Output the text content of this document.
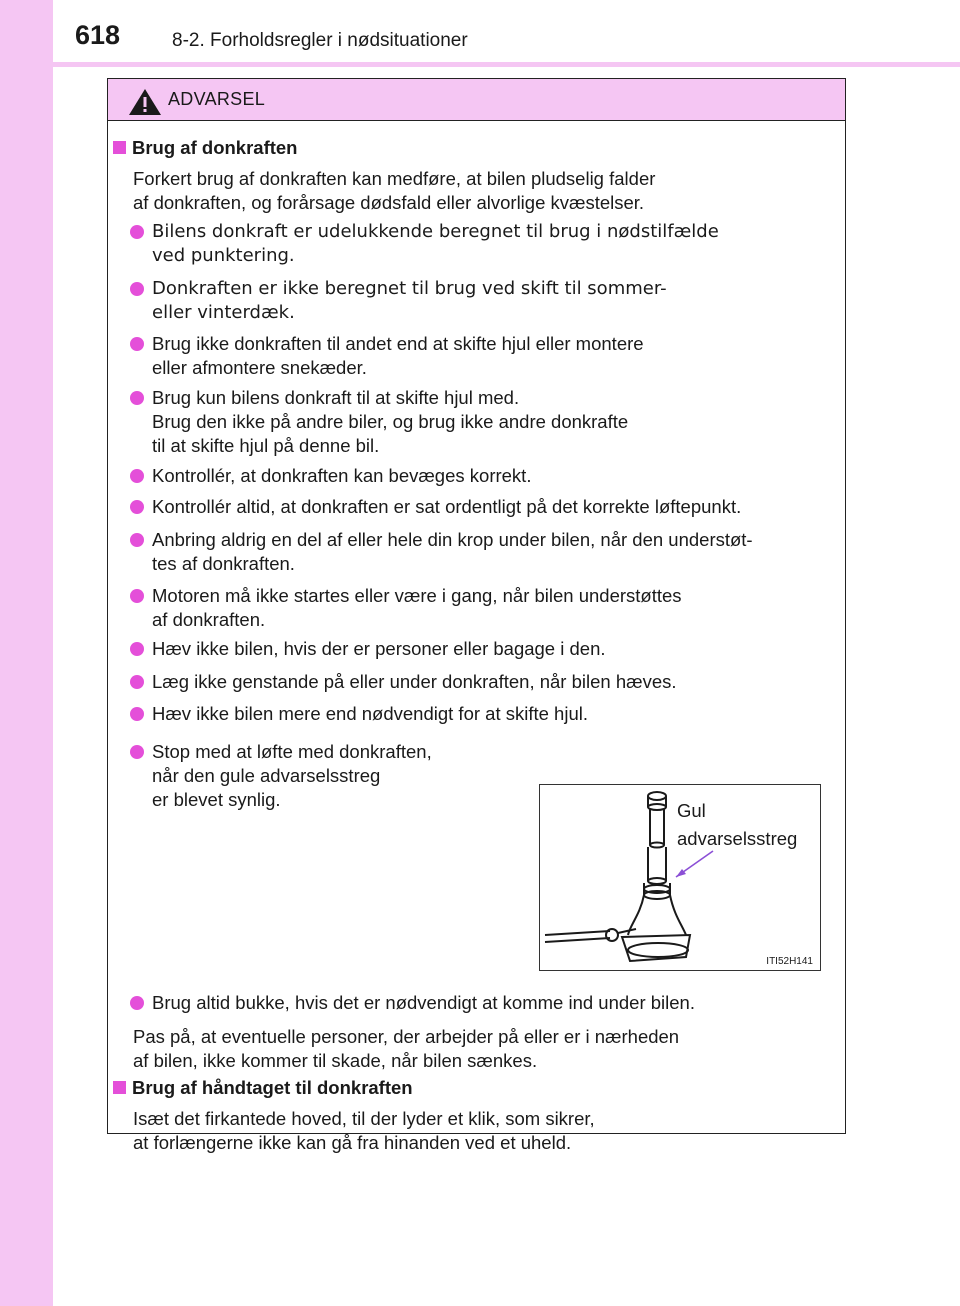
618	8-2. Forholdsregler i nødsituationer
ADVARSEL
Brug af donkraften
Forkert brug af donkraften kan medføre, at bilen pludselig falder
af donkraften, og forårsage dødsfald eller alvorlige kvæstelser.
Bilens donkraft er udelukkende beregnet til brug i nødstilfælde
ved punktering.
Donkraften er ikke beregnet til brug ved skift til sommer-
eller vinterdæk.
Brug ikke donkraften til andet end at skifte hjul eller montere
eller afmontere snekæder.
Brug kun bilens donkraft til at skifte hjul med.
Brug den ikke på andre biler, og brug ikke andre donkrafte
til at skifte hjul på denne bil.
Kontrollér, at donkraften kan bevæges korrekt.
Kontrollér altid, at donkraften er sat ordentligt på det korrekte løftepunkt.
Anbring aldrig en del af eller hele din krop under bilen, når den understøt-
tes af donkraften.
Motoren må ikke startes eller være i gang, når bilen understøttes
af donkraften.
Hæv ikke bilen, hvis der er personer eller bagage i den.
Læg ikke genstande på eller under donkraften, når bilen hæves.
Hæv ikke bilen mere end nødvendigt for at skifte hjul.
Stop med at løfte med donkraften,
når den gule advarselsstreg
er blevet synlig.
Gul
advarselsstreg
ITI52H141
Brug altid bukke, hvis det er nødvendigt at komme ind under bilen.
Pas på, at eventuelle personer, der arbejder på eller er i nærheden
af bilen, ikke kommer til skade, når bilen sænkes.
Brug af håndtaget til donkraften
Isæt det firkantede hoved, til der lyder et klik, som sikrer,
at forlængerne ikke kan gå fra hinanden ved et uheld.
